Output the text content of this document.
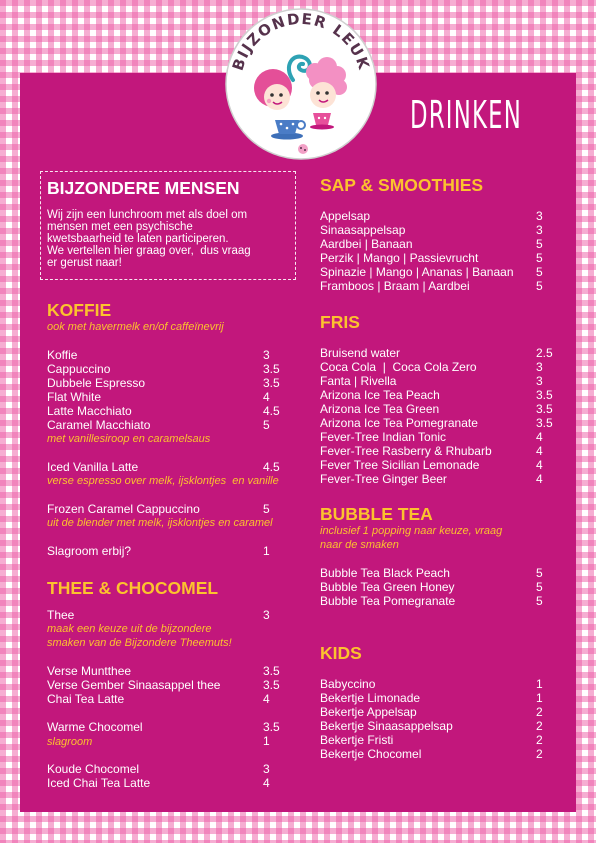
BIJZONDER LEUK
DRINKEN
BIJZONDERE MENSEN
Wij zijn een lunchroom met als doel om
mensen met een psychische
kwetsbaarheid te laten participeren.
We vertellen hier graag over,  dus vraag
er gerust naar!
KOFFIE
ook met havermelk en/of caffeïnevrij
Koffie	3
Cappuccino	3.5
Dubbele Espresso	3.5
Flat White	4
Latte Macchiato	4.5
Caramel Macchiato	5
met vanillesiroop en caramelsaus
Iced Vanilla Latte	4.5
verse espresso over melk, ijsklontjes  en vanille
Frozen Caramel Cappuccino	5
uit de blender met melk, ijsklontjes en caramel
Slagroom erbij?	1
THEE & CHOCOMEL
Thee	3
maak een keuze uit de bijzondere
smaken van de Bijzondere Theemuts!
Verse Muntthee	3.5
Verse Gember Sinaasappel thee	3.5
Chai Tea Latte	4
Warme Chocomel	3.5
slagroom	1
Koude Chocomel	3
Iced Chai Tea Latte	4
SAP & SMOOTHIES
Appelsap	3
Sinaasappelsap	3
Aardbei | Banaan	5
Perzik | Mango | Passievrucht	5
Spinazie | Mango | Ananas | Banaan 5
Framboos | Braam | Aardbei	5
FRIS
Bruisend water	2.5
Coca Cola  |  Coca Cola Zero	3
Fanta | Rivella	3
Arizona Ice Tea Peach	3.5
Arizona Ice Tea Green	3.5
Arizona Ice Tea Pomegranate	3.5
Fever-Tree Indian Tonic	4
Fever-Tree Rasberry & Rhubarb	4
Fever Tree Sicilian Lemonade	4
Fever-Tree Ginger Beer	4
BUBBLE TEA
inclusief 1 popping naar keuze, vraag
naar de smaken
Bubble Tea Black Peach	5
Bubble Tea Green Honey	5
Bubble Tea Pomegranate	5
KIDS
Babyccino	1
Bekertje Limonade	1
Bekertje Appelsap	2
Bekertje Sinaasappelsap	2
Bekertje Fristi	2
Bekertje Chocomel	2
